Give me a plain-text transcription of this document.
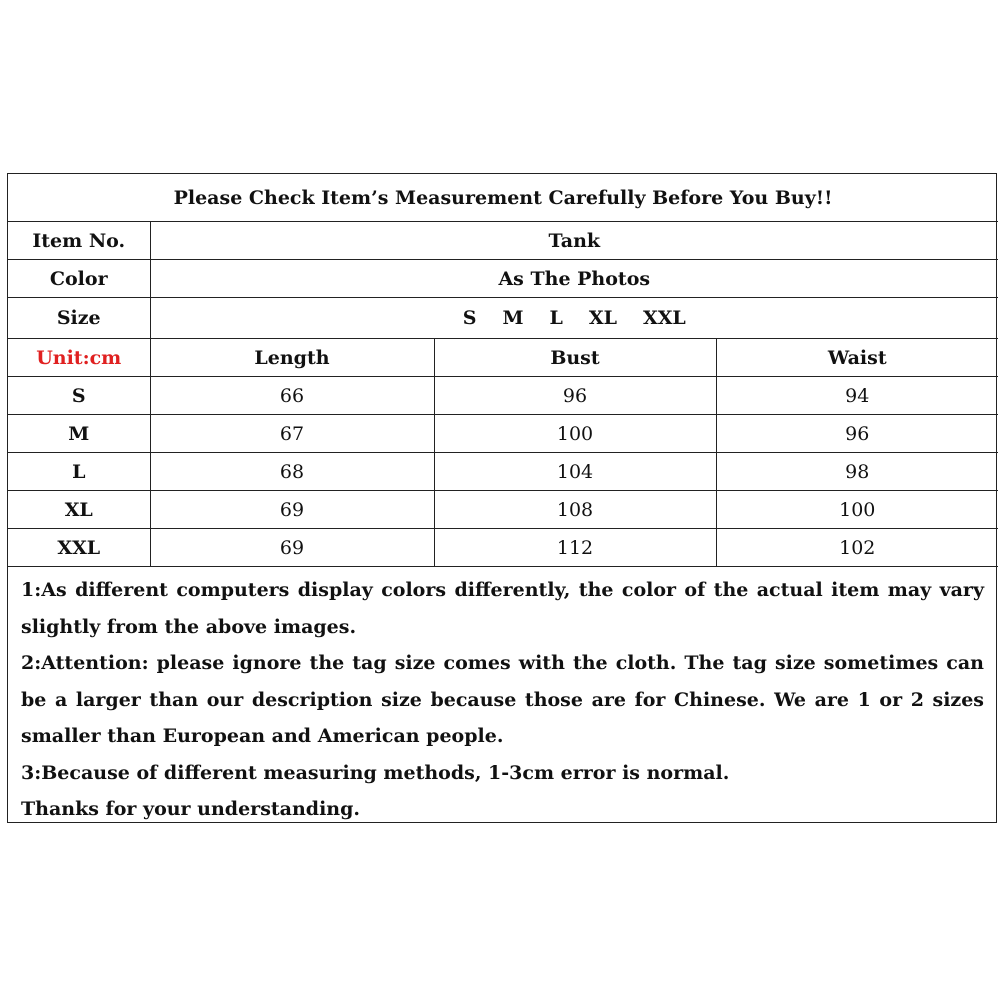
Please Check Item’s Measurement Carefully Before You Buy!!			
Item No.	Tank		
Color	As The Photos		
Size	S M L XL XXL		
Unit:cm	Length	Bust	Waist
S	66	96	94
M	67	100	96
L	68	104	98
XL	69	108	100
XXL	69	112	102

1:As different computers display colors differently, the color of the actual item may vary slightly from the above images.

2:Attention: please ignore the tag size comes with the cloth. The tag size sometimes can be a larger than our description size because those are for Chinese. We are 1 or 2 sizes smaller than European and American people.

3:Because of different measuring methods, 1-3cm error is normal.

Thanks for your understanding.
